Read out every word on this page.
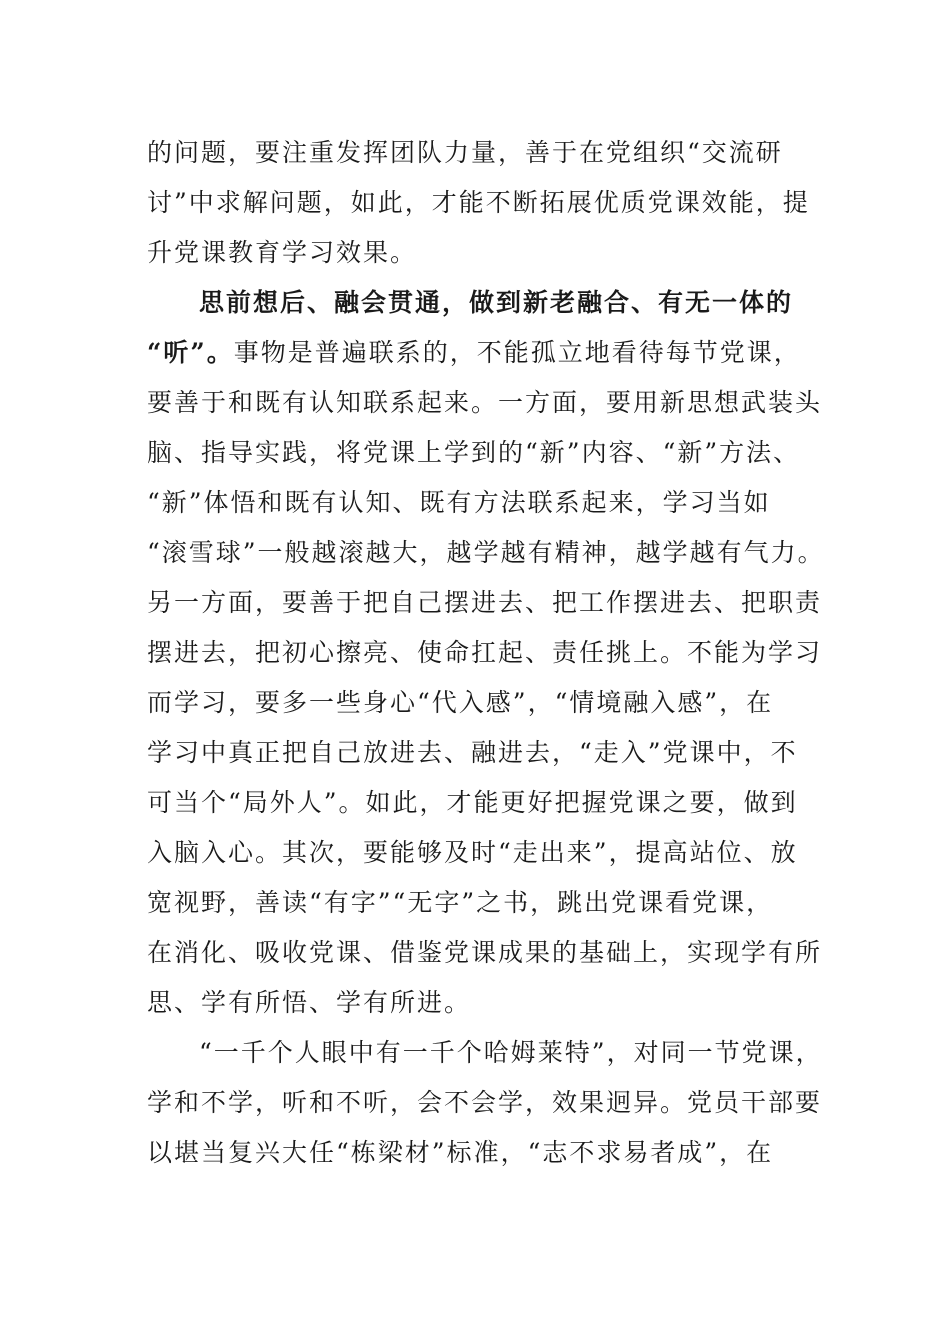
的问题，要注重发挥团队力量，善于在党组织“交流研
讨”中求解问题，如此，才能不断拓展优质党课效能，提
升党课教育学习效果。
思前想后、融会贯通，做到新老融合、有无一体的
“听”。事物是普遍联系的，不能孤立地看待每节党课，
要善于和既有认知联系起来。一方面，要用新思想武装头
脑、指导实践，将党课上学到的“新”内容、“新”方法、
“新”体悟和既有认知、既有方法联系起来，学习当如
“滚雪球”一般越滚越大，越学越有精神，越学越有气力。
另一方面，要善于把自己摆进去、把工作摆进去、把职责
摆进去，把初心擦亮、使命扛起、责任挑上。不能为学习
而学习，要多一些身心“代入感”，“情境融入感”，在
学习中真正把自己放进去、融进去，“走入”党课中，不
可当个“局外人”。如此，才能更好把握党课之要，做到
入脑入心。其次，要能够及时“走出来”，提高站位、放
宽视野，善读“有字”“无字”之书，跳出党课看党课，
在消化、吸收党课、借鉴党课成果的基础上，实现学有所
思、学有所悟、学有所进。
“一千个人眼中有一千个哈姆莱特”，对同一节党课，
学和不学，听和不听，会不会学，效果迥异。党员干部要
以堪当复兴大任“栋梁材”标准，“志不求易者成”，在
